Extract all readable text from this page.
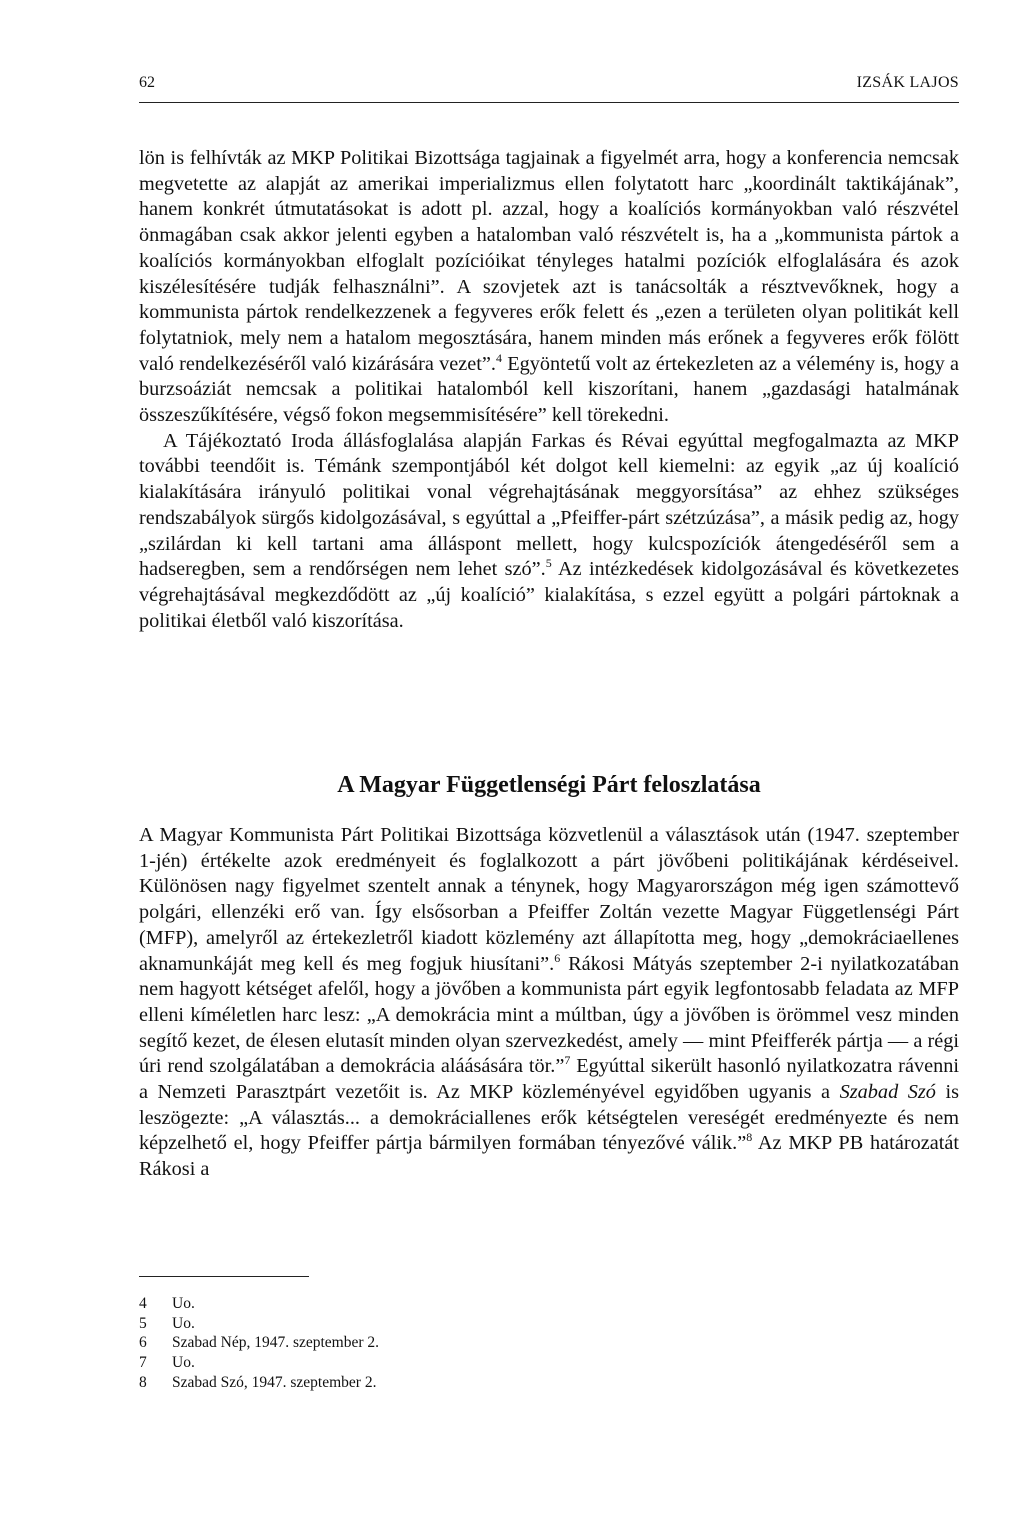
62	IZSÁK LAJOS

lön is felhívták az MKP Politikai Bizottsága tagjainak a figyelmét arra, hogy a konferencia nemcsak megvetette az alapját az amerikai imperializmus ellen folytatott harc „koordinált taktikájának”, hanem konkrét útmutatásokat is adott pl. azzal, hogy a koalíciós kormányokban való részvétel önmagában csak akkor jelenti egyben a hatalomban való részvételt is, ha a „kommunista pártok a koalíciós kormányokban elfoglalt pozícióikat tényleges hatalmi pozíciók elfoglalására és azok kiszélesítésére tudják felhasználni”. A szovjetek azt is tanácsolták a résztvevőknek, hogy a kommunista pártok rendelkezzenek a fegyveres erők felett és „ezen a területen olyan politikát kell folytatniok, mely nem a hatalom megosztására, hanem minden más erőnek a fegyveres erők fölött való rendelkezéséről való kizárására vezet”.$^4$ Egyöntetű volt az értekezleten az a vélemény is, hogy a burzsoáziát nemcsak a politikai hatalomból kell kiszorítani, hanem „gazdasági hatalmának összeszűkítésére, végső fokon megsemmisítésére” kell törekedni.

A Tájékoztató Iroda állásfoglalása alapján Farkas és Révai egyúttal megfogalmazta az MKP további teendőit is. Témánk szempontjából két dolgot kell kiemelni: az egyik „az új koalíció kialakítására irányuló politikai vonal végrehajtásának meggyorsítása” az ehhez szükséges rendszabályok sürgős kidolgozásával, s egyúttal a „Pfeiffer-párt szétzúzása”, a másik pedig az, hogy „szilárdan ki kell tartani ama álláspont mellett, hogy kulcspozíciók átengedéséről sem a hadseregben, sem a rendőrségen nem lehet szó”.$^5$ Az intézkedések kidolgozásával és következetes végrehajtásával megkezdődött az „új koalíció” kialakítása, s ezzel együtt a polgári pártoknak a politikai életből való kiszorítása.

A Magyar Függetlenségi Párt feloszlatása

A Magyar Kommunista Párt Politikai Bizottsága közvetlenül a választások után (1947. szeptember 1-jén) értékelte azok eredményeit és foglalkozott a párt jövőbeni politikájának kérdéseivel. Különösen nagy figyelmet szentelt annak a ténynek, hogy Magyarországon még igen számottevő polgári, ellenzéki erő van. Így elsősorban a Pfeiffer Zoltán vezette Magyar Függetlenségi Párt (MFP), amelyről az értekezletről kiadott közlemény azt állapította meg, hogy „demokráciaellenes aknamunkáját meg kell és meg fogjuk hiusítani”.$^6$ Rákosi Mátyás szeptember 2-i nyilatkozatában nem hagyott kétséget afelől, hogy a jövőben a kommunista párt egyik legfontosabb feladata az MFP elleni kíméletlen harc lesz: „A demokrácia mint a múltban, úgy a jövőben is örömmel vesz minden segítő kezet, de élesen elutasít minden olyan szervezkedést, amely — mint Pfeifferék pártja — a régi úri rend szolgálatában a demokrácia aláásására tör.”$^7$ Egyúttal sikerült hasonló nyilatkozatra rávenni a Nemzeti Parasztpárt vezetőit is. Az MKP közleményével egyidőben ugyanis a Szabad Szó is leszögezte: „A választás... a demokráciallenes erők kétségtelen vereségét eredményezte és nem képzelhető el, hogy Pfeiffer pártja bármilyen formában tényezővé válik.”$^8$ Az MKP PB határozatát Rákosi a

4	Uo.
5	Uo.
6	Szabad Nép, 1947. szeptember 2.
7	Uo.
8	Szabad Szó, 1947. szeptember 2.
